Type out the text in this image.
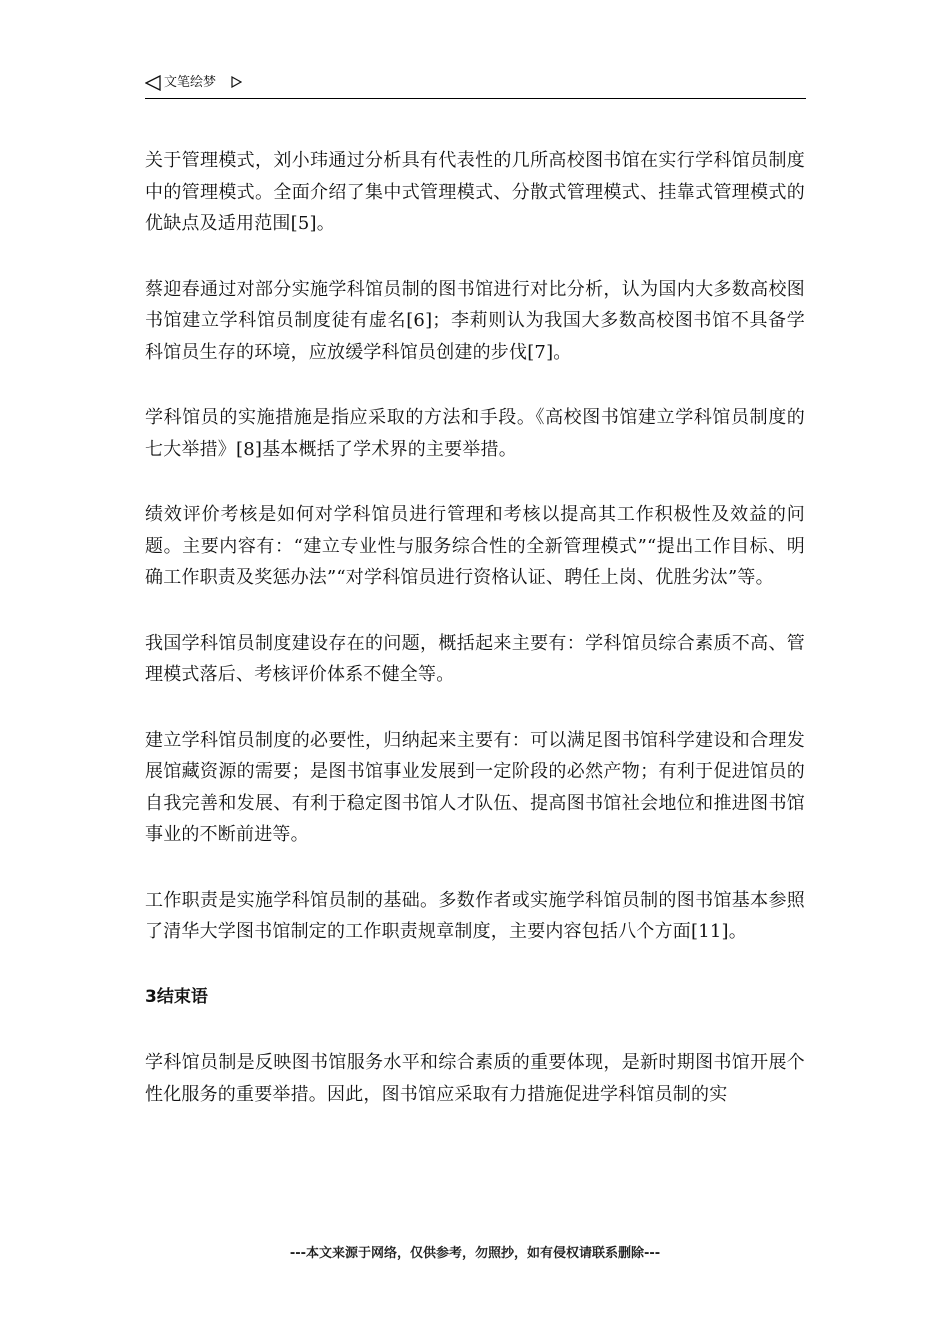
文笔绘梦

关于管理模式，刘小玮通过分析具有代表性的几所高校图书馆在实行学科馆员制度中的管理模式。全面介绍了集中式管理模式、分散式管理模式、挂靠式管理模式的优缺点及适用范围[5]。

蔡迎春通过对部分实施学科馆员制的图书馆进行对比分析，认为国内大多数高校图书馆建立学科馆员制度徒有虚名[6]；李莉则认为我国大多数高校图书馆不具备学科馆员生存的环境，应放缓学科馆员创建的步伐[7]。

学科馆员的实施措施是指应采取的方法和手段。《高校图书馆建立学科馆员制度的七大举措》[8]基本概括了学术界的主要举措。

绩效评价考核是如何对学科馆员进行管理和考核以提高其工作积极性及效益的问题。主要内容有：“建立专业性与服务综合性的全新管理模式”“提出工作目标、明确工作职责及奖惩办法”“对学科馆员进行资格认证、聘任上岗、优胜劣汰”等。

我国学科馆员制度建设存在的问题，概括起来主要有：学科馆员综合素质不高、管理模式落后、考核评价体系不健全等。

建立学科馆员制度的必要性，归纳起来主要有：可以满足图书馆科学建设和合理发展馆藏资源的需要；是图书馆事业发展到一定阶段的必然产物；有利于促进馆员的自我完善和发展、有利于稳定图书馆人才队伍、提高图书馆社会地位和推进图书馆事业的不断前进等。

工作职责是实施学科馆员制的基础。多数作者或实施学科馆员制的图书馆基本参照了清华大学图书馆制定的工作职责规章制度，主要内容包括八个方面[11]。

3结束语

学科馆员制是反映图书馆服务水平和综合素质的重要体现，是新时期图书馆开展个性化服务的重要举措。因此，图书馆应采取有力措施促进学科馆员制的实

---本文来源于网络，仅供参考，勿照抄，如有侵权请联系删除---
